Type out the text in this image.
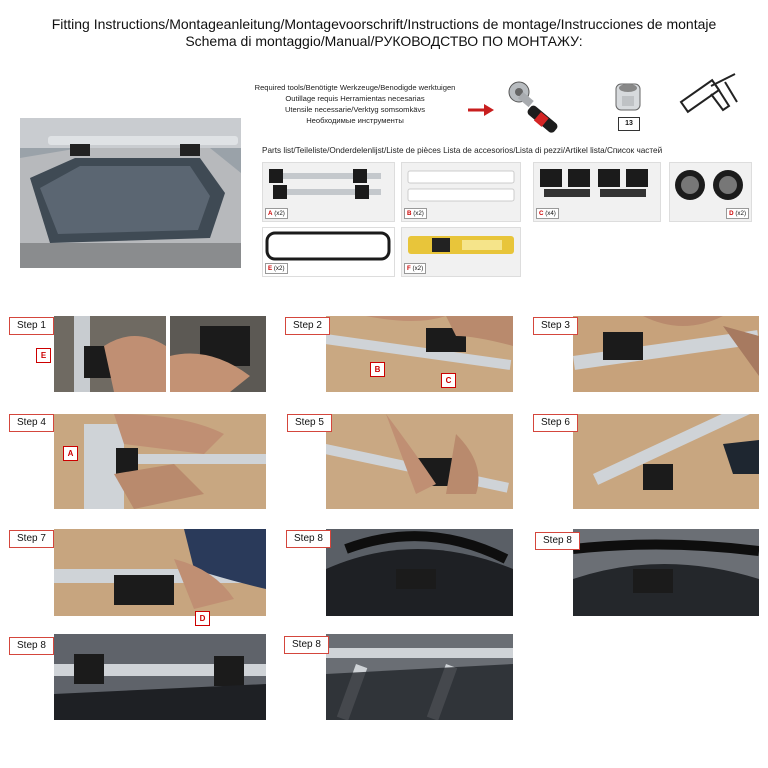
Fitting Instructions/Montageanleitung/Montagevoorschrift/Instructions de montage/Instrucciones de montaje
Schema di montaggio/Manual/РУКОВОДСТВО ПО МОНТАЖУ:
Required tools/Benötigte Werkzeuge/Benodigde werktuigen
Outillage requis Herramientas necesarias
Utensile necessarie/Verktyg somsomkävs
Необходимые инструменты	13
Parts list/Teileliste/Onderdelenlijst/Liste de pièces Lista de accesorios/Lista di pezzi/Artikel lista/Список частей
A (x2)	B (x2)	C (x4)	D (x2)
E (x2)	F (x2)
Step 1
E
Step 2
B
C
Step 3
Step 4
A
Step 5	Step 6
Step 7
D
Step 8	Step 8
Step 8	Step 8
